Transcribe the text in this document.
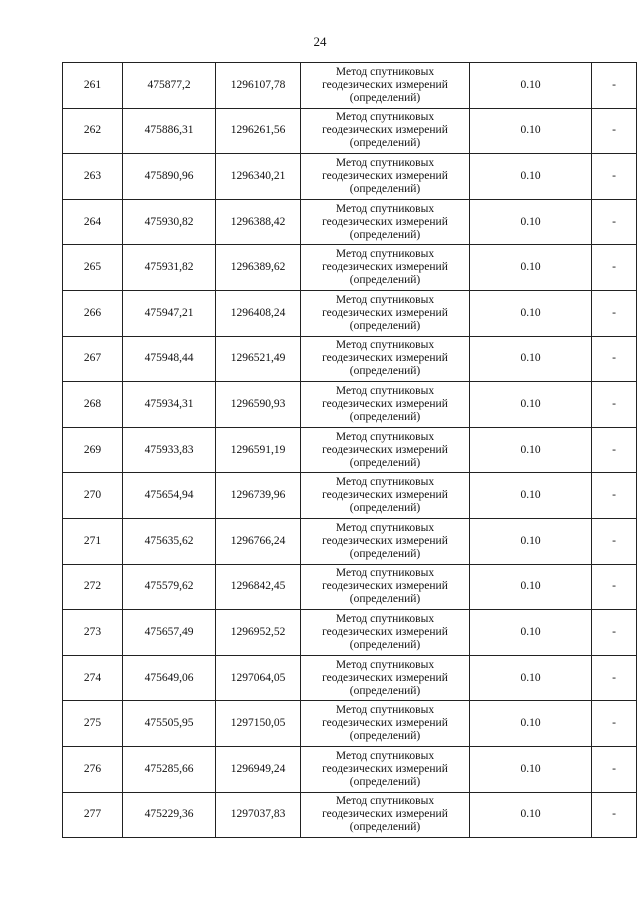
24
261	475877,2	1296107,78	Метод спутниковых
геодезических измерений
(определений)	0.10	-
262	475886,31	1296261,56	Метод спутниковых
геодезических измерений
(определений)	0.10	-
263	475890,96	1296340,21	Метод спутниковых
геодезических измерений
(определений)	0.10	-
264	475930,82	1296388,42	Метод спутниковых
геодезических измерений
(определений)	0.10	-
265	475931,82	1296389,62	Метод спутниковых
геодезических измерений
(определений)	0.10	-
266	475947,21	1296408,24	Метод спутниковых
геодезических измерений
(определений)	0.10	-
267	475948,44	1296521,49	Метод спутниковых
геодезических измерений
(определений)	0.10	-
268	475934,31	1296590,93	Метод спутниковых
геодезических измерений
(определений)	0.10	-
269	475933,83	1296591,19	Метод спутниковых
геодезических измерений
(определений)	0.10	-
270	475654,94	1296739,96	Метод спутниковых
геодезических измерений
(определений)	0.10	-
271	475635,62	1296766,24	Метод спутниковых
геодезических измерений
(определений)	0.10	-
272	475579,62	1296842,45	Метод спутниковых
геодезических измерений
(определений)	0.10	-
273	475657,49	1296952,52	Метод спутниковых
геодезических измерений
(определений)	0.10	-
274	475649,06	1297064,05	Метод спутниковых
геодезических измерений
(определений)	0.10	-
275	475505,95	1297150,05	Метод спутниковых
геодезических измерений
(определений)	0.10	-
276	475285,66	1296949,24	Метод спутниковых
геодезических измерений
(определений)	0.10	-
277	475229,36	1297037,83	Метод спутниковых
геодезических измерений
(определений)	0.10	-
